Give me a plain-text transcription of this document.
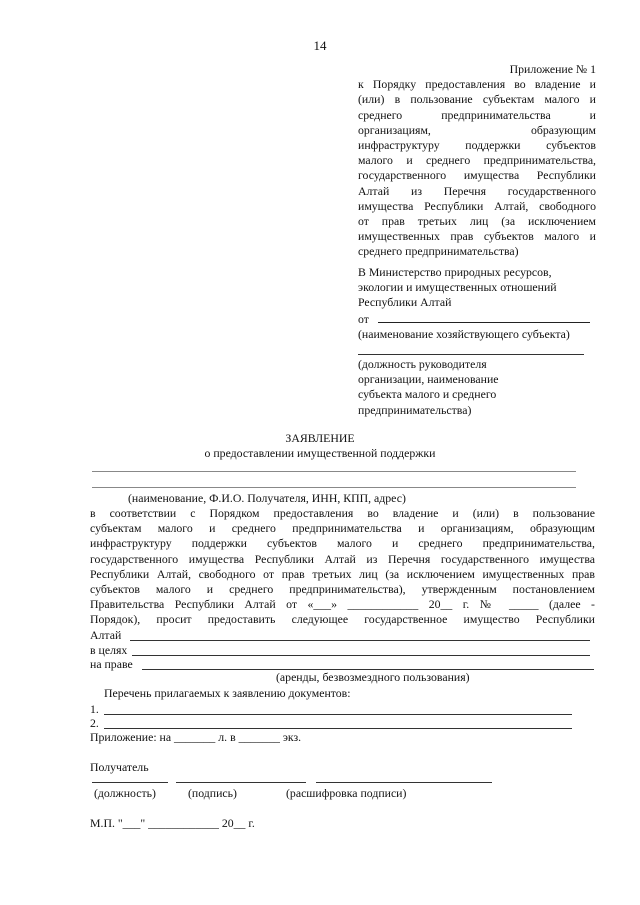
14
Приложение № 1
к Порядку предоставления во владение и
(или) в пользование субъектам малого и
среднего предпринимательства и
организациям, образующим
инфраструктуру поддержки субъектов
малого и среднего предпринимательства,
государственного имущества Республики
Алтай из Перечня государственного
имущества Республики Алтай, свободного
от прав третьих лиц (за исключением
имущественных прав субъектов малого и
среднего предпринимательства)
В Министерство природных ресурсов,
экологии и имущественных отношений
Республики Алтай
от
(наименование хозяйствующего субъекта)
(должность руководителя
организации, наименование
субъекта малого и среднего
предпринимательства)
ЗАЯВЛЕНИЕ
о предоставлении имущественной поддержки
(наименование, Ф.И.О. Получателя, ИНН, КПП, адрес)
в соответствии с Порядком предоставления во владение и (или) в пользование
субъектам малого и среднего предпринимательства и организациям, образующим
инфраструктуру поддержки субъектов малого и среднего предпринимательства,
государственного имущества Республики Алтай из Перечня государственного имущества
Республики Алтай, свободного от прав третьих лиц (за исключением имущественных прав
субъектов малого и среднего предпринимательства), утвержденным постановлением
Правительства Республики Алтай от «___» ____________ 20__ г. № _____ (далее -
Порядок), просит предоставить следующее государственное имущество Республики
Алтай
в целях
на праве
(аренды, безвозмездного пользования)
Перечень прилагаемых к заявлению документов:
1.
2.
Приложение: на _______ л. в _______ экз.
Получатель
(должность)	(подпись)	(расшифровка подписи)
М.П. "___" ____________ 20__ г.
